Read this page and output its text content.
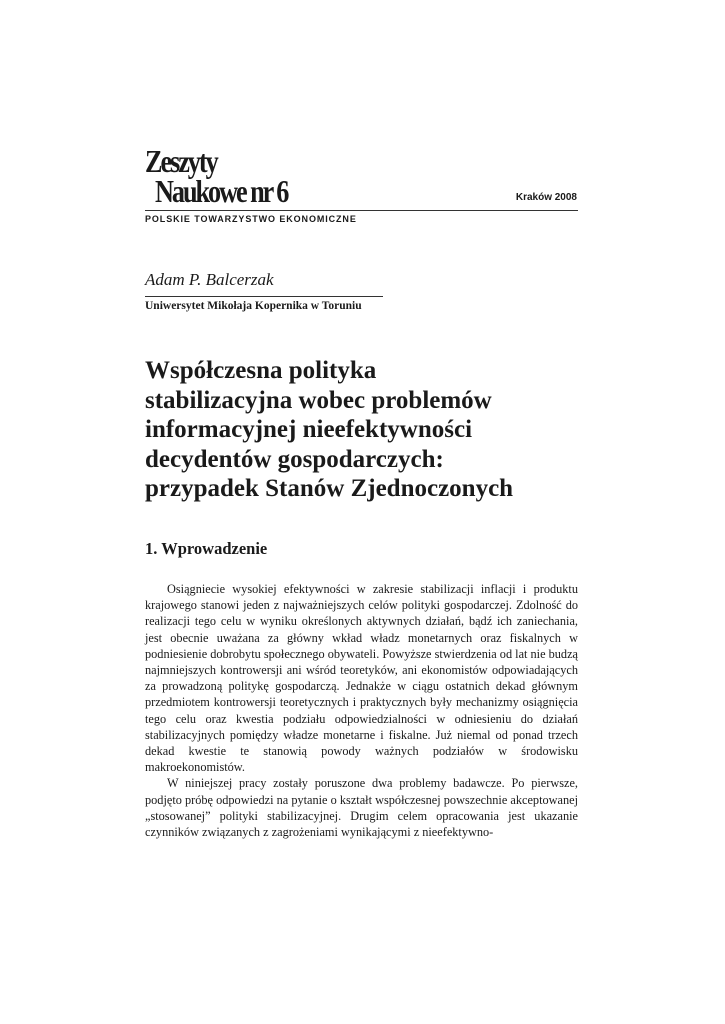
Zeszyty
Naukowe nr 6	Kraków 2008
POLSKIE TOWARZYSTWO EKONOMICZNE
Adam P. Balcerzak
Uniwersytet Mikołaja Kopernika w Toruniu
Współczesna polityka
stabilizacyjna wobec problemów
informacyjnej nieefektywności
decydentów gospodarczych:
przypadek Stanów Zjednoczonych
1. Wprowadzenie

Osiągniecie wysokiej efektywności w zakresie stabilizacji inflacji i produktu krajowego stanowi jeden z najważniejszych celów polityki gospodarczej. Zdolność do realizacji tego celu w wyniku określonych aktywnych działań, bądź ich zaniechania, jest obecnie uważana za główny wkład władz monetarnych oraz fiskalnych w podniesienie dobrobytu społecznego obywateli. Powyższe stwierdzenia od lat nie budzą najmniejszych kontrowersji ani wśród teoretyków, ani ekonomistów odpowiadających za prowadzoną politykę gospodarczą. Jednakże w ciągu ostatnich dekad głównym przedmiotem kontrowersji teoretycznych i praktycznych były mechanizmy osiągnięcia tego celu oraz kwestia podziału odpowiedzialności w odniesieniu do działań stabilizacyjnych pomiędzy władze monetarne i fiskalne. Już niemal od ponad trzech dekad kwestie te stanowią powody ważnych podziałów w środowisku makroekonomistów.

W niniejszej pracy zostały poruszone dwa problemy badawcze. Po pierwsze, podjęto próbę odpowiedzi na pytanie o kształt współczesnej powszechnie akceptowanej „stosowanej” polityki stabilizacyjnej. Drugim celem opracowania jest ukazanie czynników związanych z zagrożeniami wynikającymi z nieefektywno-
